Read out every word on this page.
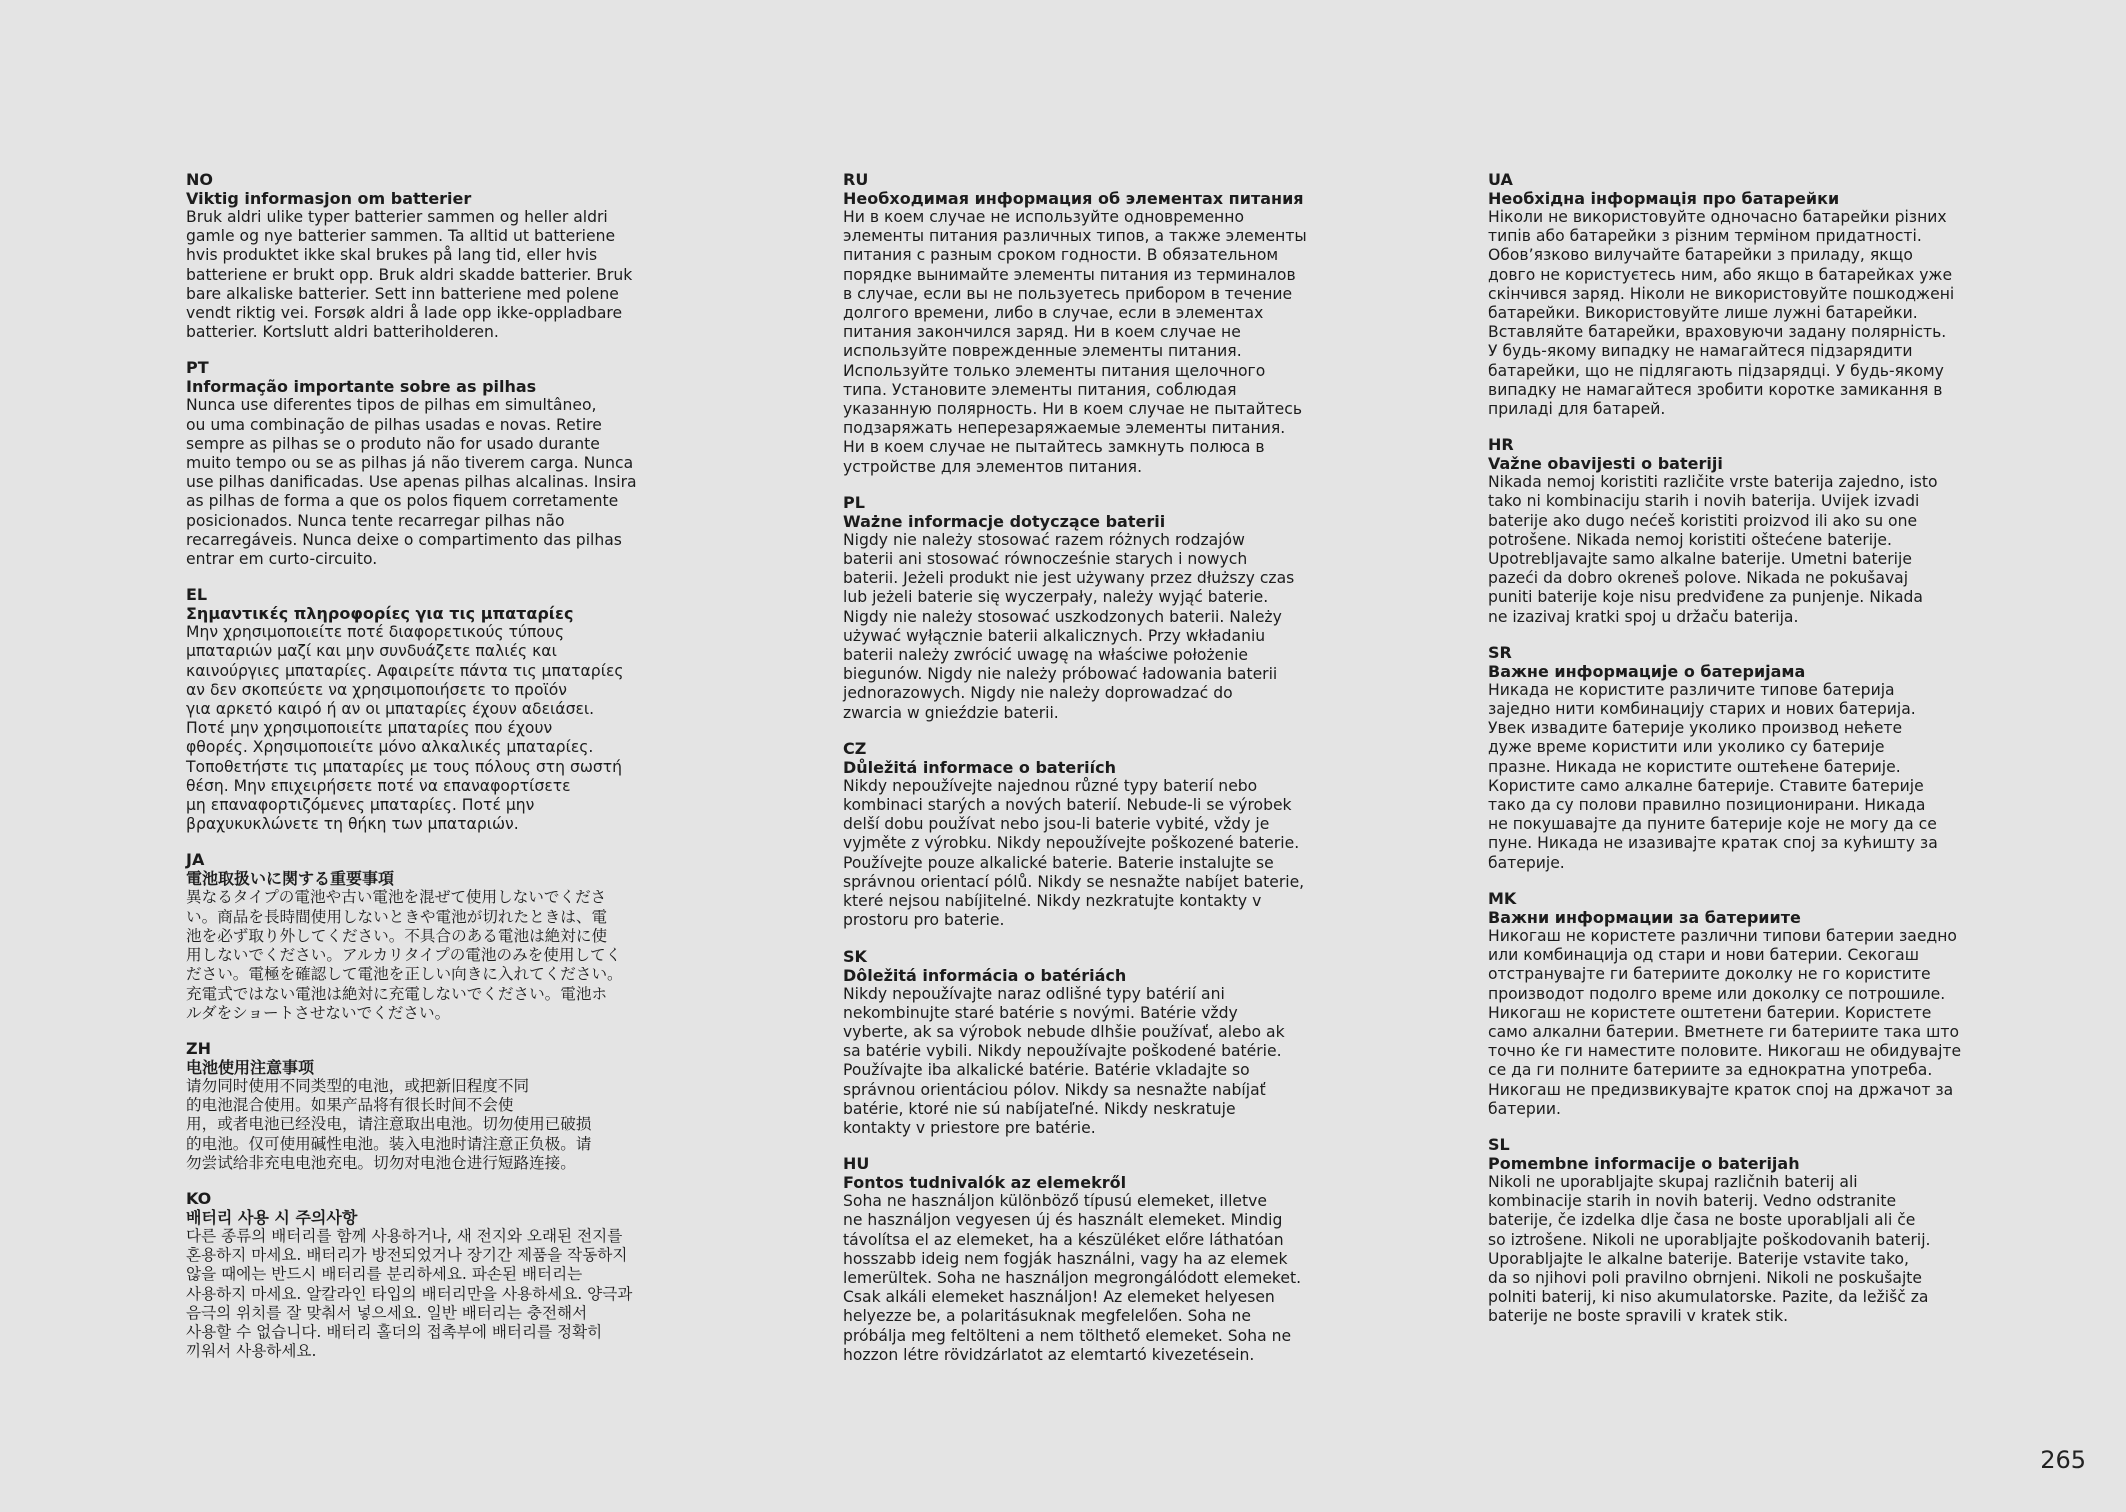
NO
Viktig informasjon om batterier
Bruk aldri ulike typer batterier sammen og heller aldri
gamle og nye batterier sammen. Ta alltid ut batteriene
hvis produktet ikke skal brukes på lang tid, eller hvis
batteriene er brukt opp. Bruk aldri skadde batterier. Bruk
bare alkaliske batterier. Sett inn batteriene med polene
vendt riktig vei. Forsøk aldri å lade opp ikke-oppladbare
batterier. Kortslutt aldri batteriholderen.
PT
Informação importante sobre as pilhas
Nunca use diferentes tipos de pilhas em simultâneo,
ou uma combinação de pilhas usadas e novas. Retire
sempre as pilhas se o produto não for usado durante
muito tempo ou se as pilhas já não tiverem carga. Nunca
use pilhas danificadas. Use apenas pilhas alcalinas. Insira
as pilhas de forma a que os polos fiquem corretamente
posicionados. Nunca tente recarregar pilhas não
recarregáveis. Nunca deixe o compartimento das pilhas
entrar em curto-circuito.
EL
Σημαντικές πληροφορίες για τις μπαταρίες
Μην χρησιμοποιείτε ποτέ διαφορετικούς τύπους
μπαταριών μαζί και μην συνδυάζετε παλιές και
καινούργιες μπαταρίες. Αφαιρείτε πάντα τις μπαταρίες
αν δεν σκοπεύετε να χρησιμοποιήσετε το προϊόν
για αρκετό καιρό ή αν οι μπαταρίες έχουν αδειάσει.
Ποτέ μην χρησιμοποιείτε μπαταρίες που έχουν
φθορές. Χρησιμοποιείτε μόνο αλκαλικές μπαταρίες.
Τοποθετήστε τις μπαταρίες με τους πόλους στη σωστή
θέση. Μην επιχειρήσετε ποτέ να επαναφορτίσετε
μη επαναφορτιζόμενες μπαταρίες. Ποτέ μην
βραχυκυκλώνετε τη θήκη των μπαταριών.
JA
電池取扱いに関する重要事項
異なるタイプの電池や古い電池を混ぜて使用しないでくださ
い。商品を長時間使用しないときや電池が切れたときは、電
池を必ず取り外してください。不具合のある電池は絶対に使
用しないでください。アルカリタイプの電池のみを使用してく
ださい。電極を確認して電池を正しい向きに入れてください。
充電式ではない電池は絶対に充電しないでください。電池ホ
ルダをショートさせないでください。
ZH
电池使用注意事项
请勿同时使用不同类型的电池，或把新旧程度不同
的电池混合使用。如果产品将有很长时间不会使
用，或者电池已经没电，请注意取出电池。切勿使用已破损
的电池。仅可使用碱性电池。装入电池时请注意正负极。请
勿尝试给非充电电池充电。切勿对电池仓进行短路连接。
KO
배터리 사용 시 주의사항
다른 종류의 배터리를 함께 사용하거나, 새 전지와 오래된 전지를
혼용하지 마세요. 배터리가 방전되었거나 장기간 제품을 작동하지
않을 때에는 반드시 배터리를 분리하세요. 파손된 배터리는
사용하지 마세요. 알칼라인 타입의 배터리만을 사용하세요. 양극과
음극의 위치를 잘 맞춰서 넣으세요. 일반 배터리는 충전해서
사용할 수 없습니다. 배터리 홀더의 접촉부에 배터리를 정확히
끼워서 사용하세요.
RU
Необходимая информация об элементах питания
Ни в коем случае не используйте одновременно
элементы питания различных типов, а также элементы
питания с разным сроком годности. В обязательном
порядке вынимайте элементы питания из терминалов
в случае, если вы не пользуетесь прибором в течение
долгого времени, либо в случае, если в элементах
питания закончился заряд. Ни в коем случае не
используйте поврежденные элементы питания.
Используйте только элементы питания щелочного
типа. Установите элементы питания, соблюдая
указанную полярность. Ни в коем случае не пытайтесь
подзаряжать неперезаряжаемые элементы питания.
Ни в коем случае не пытайтесь замкнуть полюса в
устройстве для элементов питания.
PL
Ważne informacje dotyczące baterii
Nigdy nie należy stosować razem różnych rodzajów
baterii ani stosować równocześnie starych i nowych
baterii. Jeżeli produkt nie jest używany przez dłuższy czas
lub jeżeli baterie się wyczerpały, należy wyjąć baterie.
Nigdy nie należy stosować uszkodzonych baterii. Należy
używać wyłącznie baterii alkalicznych. Przy wkładaniu
baterii należy zwrócić uwagę na właściwe położenie
biegunów. Nigdy nie należy próbować ładowania baterii
jednorazowych. Nigdy nie należy doprowadzać do
zwarcia w gnieździe baterii.
CZ
Důležitá informace o bateriích
Nikdy nepoužívejte najednou různé typy baterií nebo
kombinaci starých a nových baterií. Nebude-li se výrobek
delší dobu používat nebo jsou-li baterie vybité, vždy je
vyjměte z výrobku. Nikdy nepoužívejte poškozené baterie.
Používejte pouze alkalické baterie. Baterie instalujte se
správnou orientací pólů. Nikdy se nesnažte nabíjet baterie,
které nejsou nabíjitelné. Nikdy nezkratujte kontakty v
prostoru pro baterie.
SK
Dôležitá informácia o batériách
Nikdy nepoužívajte naraz odlišné typy batérií ani
nekombinujte staré batérie s novými. Batérie vždy
vyberte, ak sa výrobok nebude dlhšie používať, alebo ak
sa batérie vybili. Nikdy nepoužívajte poškodené batérie.
Používajte iba alkalické batérie. Batérie vkladajte so
správnou orientáciou pólov. Nikdy sa nesnažte nabíjať
batérie, ktoré nie sú nabíjateľné. Nikdy neskratuje
kontakty v priestore pre batérie.
HU
Fontos tudnivalók az elemekről
Soha ne használjon különböző típusú elemeket, illetve
ne használjon vegyesen új és használt elemeket. Mindig
távolítsa el az elemeket, ha a készüléket előre láthatóan
hosszabb ideig nem fogják használni, vagy ha az elemek
lemerültek. Soha ne használjon megrongálódott elemeket.
Csak alkáli elemeket használjon! Az elemeket helyesen
helyezze be, a polaritásuknak megfelelően. Soha ne
próbálja meg feltölteni a nem tölthető elemeket. Soha ne
hozzon létre rövidzárlatot az elemtartó kivezetésein.
UA
Необхідна інформація про батарейки
Ніколи не використовуйте одночасно батарейки різних
типів або батарейки з різним терміном придатності.
Обов’язково вилучайте батарейки з приладу, якщо
довго не користуєтесь ним, або якщо в батарейках уже
скінчився заряд. Ніколи не використовуйте пошкоджені
батарейки. Використовуйте лише лужні батарейки.
Вставляйте батарейки, враховуючи задану полярність.
У будь-якому випадку не намагайтеся підзарядити
батарейки, що не підлягають підзарядці. У будь-якому
випадку не намагайтеся зробити коротке замикання в
приладі для батарей.
HR
Važne obavijesti o bateriji
Nikada nemoj koristiti različite vrste baterija zajedno, isto
tako ni kombinaciju starih i novih baterija. Uvijek izvadi
baterije ako dugo nećeš koristiti proizvod ili ako su one
potrošene. Nikada nemoj koristiti oštećene baterije.
Upotrebljavajte samo alkalne baterije. Umetni baterije
pazeći da dobro okreneš polove. Nikada ne pokušavaj
puniti baterije koje nisu predviđene za punjenje. Nikada
ne izazivaj kratki spoj u držaču baterija.
SR
Важне информације о батеријама
Никада не користите различите типове батерија
заједно нити комбинацију старих и нових батерија.
Увек извадите батерије уколико производ нећете
дуже време користити или уколико су батерије
празне. Никада не користите оштећене батерије.
Користите само алкалне батерије. Ставите батерије
тако да су полови правилно позиционирани. Никада
не покушавајте да пуните батерије које не могу да се
пуне. Никада не изазивајте кратак спој за кућишту за
батерије.
MK
Важни информации за батериите
Никогаш не користете различни типови батерии заедно
или комбинација од стари и нови батерии. Секогаш
отстранувајте ги батериите доколку не го користите
производот подолго време или доколку се потрошиле.
Никогаш не користете оштетени батерии. Користете
само алкални батерии. Вметнете ги батериите така што
точно ќе ги наместите половите. Никогаш не обидувајте
се да ги полните батериите за еднократна употреба.
Никогаш не предизвикувајте краток спој на држачот за
батерии.
SL
Pomembne informacije o baterijah
Nikoli ne uporabljajte skupaj različnih baterij ali
kombinacije starih in novih baterij. Vedno odstranite
baterije, če izdelka dlje časa ne boste uporabljali ali če
so iztrošene. Nikoli ne uporabljajte poškodovanih baterij.
Uporabljajte le alkalne baterije. Baterije vstavite tako,
da so njihovi poli pravilno obrnjeni. Nikoli ne poskušajte
polniti baterij, ki niso akumulatorske. Pazite, da ležišč za
baterije ne boste spravili v kratek stik.
265
